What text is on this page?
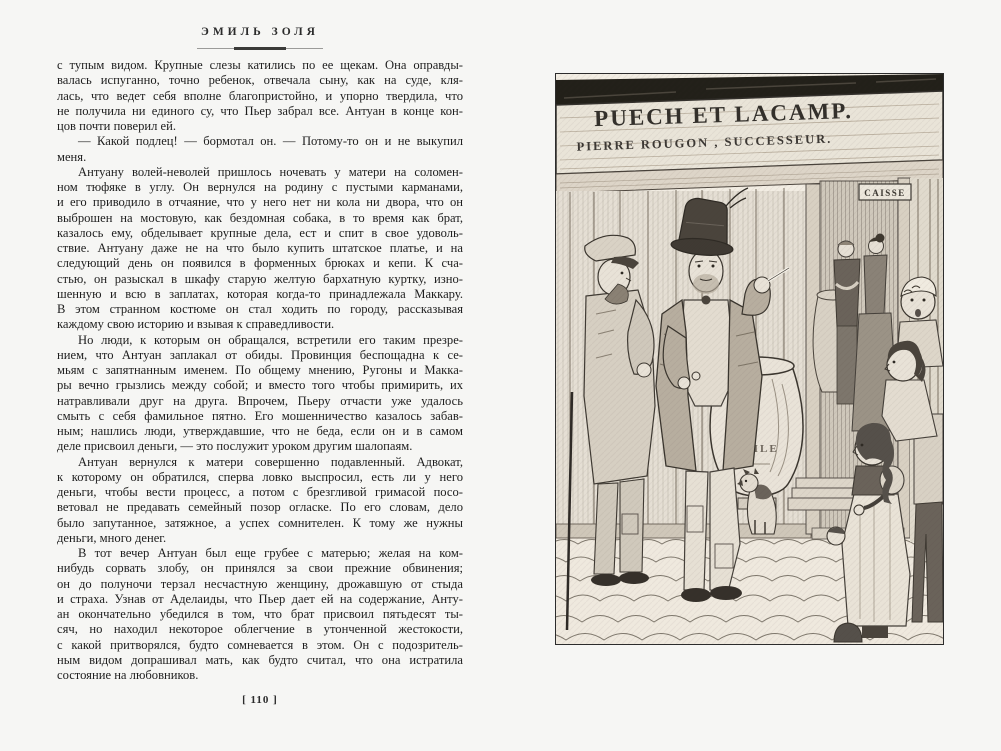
ЭМИЛЬ ЗОЛЯ
с тупым видом. Крупные слезы катились по ее щекам. Она оправды-
валась испуганно, точно ребенок, отвечала сыну, как на суде, кля-
лась, что ведет себя вполне благопристойно, и упорно твердила, что
не получила ни единого су, что Пьер забрал все. Антуан в конце кон-
цов почти поверил ей.
— Какой подлец! — бормотал он. — Потому-то он и не выкупил
меня.
Антуану волей-неволей пришлось ночевать у матери на соломен-
ном тюфяке в углу. Он вернулся на родину с пустыми карманами,
и его приводило в отчаяние, что у него нет ни кола ни двора, что он
выброшен на мостовую, как бездомная собака, в то время как брат,
казалось ему, обделывает крупные дела, ест и спит в свое удоволь-
ствие. Антуану даже не на что было купить штатское платье, и на
следующий день он появился в форменных брюках и кепи. К сча-
стью, он разыскал в шкафу старую желтую бархатную куртку, изно-
шенную и всю в заплатах, которая когда-то принадлежала Маккару.
В этом странном костюме он стал ходить по городу, рассказывая
каждому свою историю и взывая к справедливости.
Но люди, к которым он обращался, встретили его таким презре-
нием, что Антуан заплакал от обиды. Провинция беспощадна к се-
мьям с запятнанным именем. По общему мнению, Ругоны и Макка-
ры вечно грызлись между собой; и вместо того чтобы примирить, их
натравливали друг на друга. Впрочем, Пьеру отчасти уже удалось
смыть с себя фамильное пятно. Его мошенничество казалось забав-
ным; нашлись люди, утверждавшие, что не беда, если он и в самом
деле присвоил деньги, — это послужит уроком другим шалопаям.
Антуан вернулся к матери совершенно подавленный. Адвокат,
к которому он обратился, сперва ловко выспросил, есть ли у него
деньги, чтобы вести процесс, а потом с брезгливой гримасой посо-
ветовал не предавать семейный позор огласке. По его словам, дело
было запутанное, затяжное, а успех сомнителен. К тому же нужны
деньги, много денег.
В тот вечер Антуан был еще грубее с матерью; желая на ком-
нибудь сорвать злобу, он принялся за свои прежние обвинения;
он до полуночи терзал несчастную женщину, дрожавшую от стыда
и страха. Узнав от Аделаиды, что Пьер дает ей на содержание, Анту-
ан окончательно убедился в том, что брат присвоил пятьдесят ты-
сяч, но находил некоторое облегчение в утонченной жестокости,
с какой притворялся, будто сомневается в этом. Он с подозритель-
ным видом допрашивал мать, как будто считал, что она истратила
состояние на любовников.
[ 110 ]
